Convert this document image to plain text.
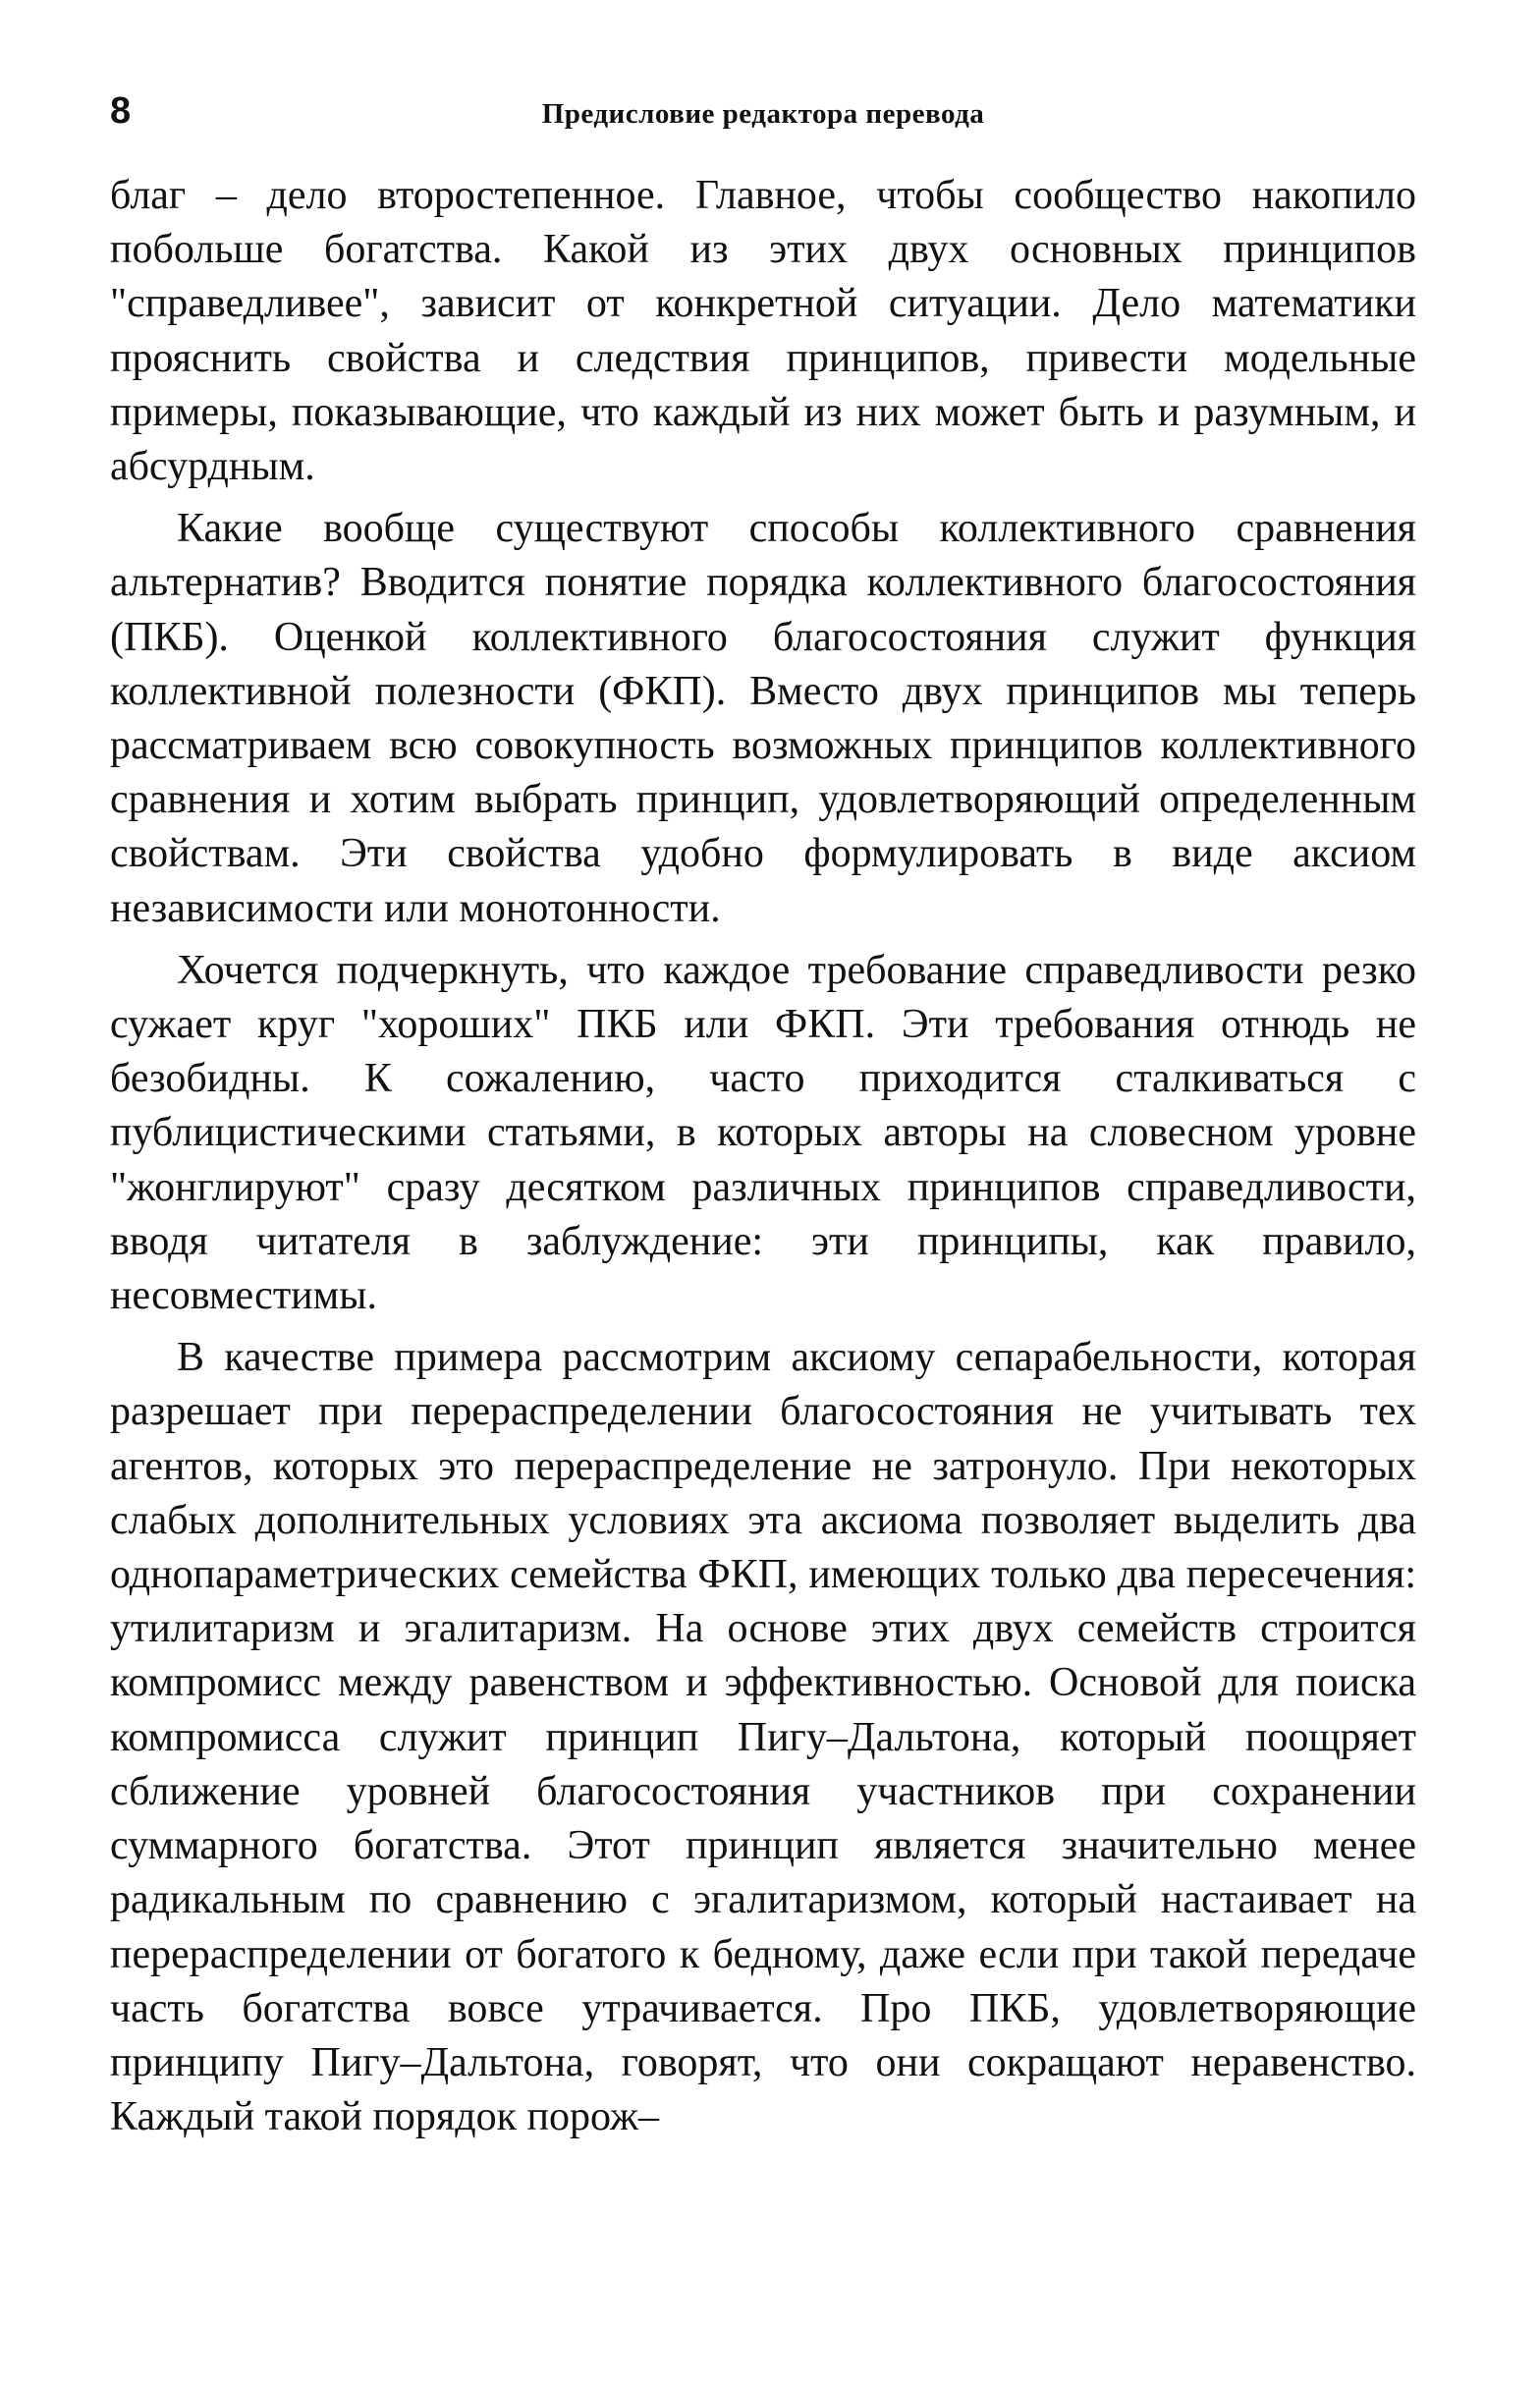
8	Предисловие редактора перевода

благ – дело второстепенное. Главное, чтобы сообщество накопило побольше богатства. Какой из этих двух основных принципов "справедливее", зависит от конкретной ситуации. Дело математики прояснить свойства и следствия принципов, привести модельные примеры, показывающие, что каждый из них может быть и разумным, и абсурдным.

Какие вообще существуют способы коллективного сравнения альтернатив? Вводится понятие порядка коллективного благосостояния (ПКБ). Оценкой коллективного благосостояния служит функция коллективной полезности (ФКП). Вместо двух принципов мы теперь рассматриваем всю совокупность возможных принципов коллективного сравнения и хотим выбрать принцип, удовлетворяющий определенным свойствам. Эти свойства удобно формулировать в виде аксиом независимости или монотонности.

Хочется подчеркнуть, что каждое требование справедливости резко сужает круг "хороших" ПКБ или ФКП. Эти требования отнюдь не безобидны. К сожалению, часто приходится сталкиваться с публицистическими статьями, в которых авторы на словесном уровне "жонглируют" сразу десятком различных принципов справедливости, вводя читателя в заблуждение: эти принципы, как правило, несовместимы.

В качестве примера рассмотрим аксиому сепарабельности, которая разрешает при перераспределении благосостояния не учитывать тех агентов, которых это перераспределение не затронуло. При некоторых слабых дополнительных условиях эта аксиома позволяет выделить два однопараметрических семейства ФКП, имеющих только два пересечения: утилитаризм и эгалитаризм. На основе этих двух семейств строится компромисс между равенством и эффективностью. Основой для поиска компромисса служит принцип Пигу–Дальтона, который поощряет сближение уровней благосостояния участников при сохранении суммарного богатства. Этот принцип является значительно менее радикальным по сравнению с эгалитаризмом, который настаивает на перераспределении от богатого к бедному, даже если при такой передаче часть богатства вовсе утрачивается. Про ПКБ, удовлетворяющие принципу Пигу–Дальтона, говорят, что они сокращают неравенство. Каждый такой порядок порож–
